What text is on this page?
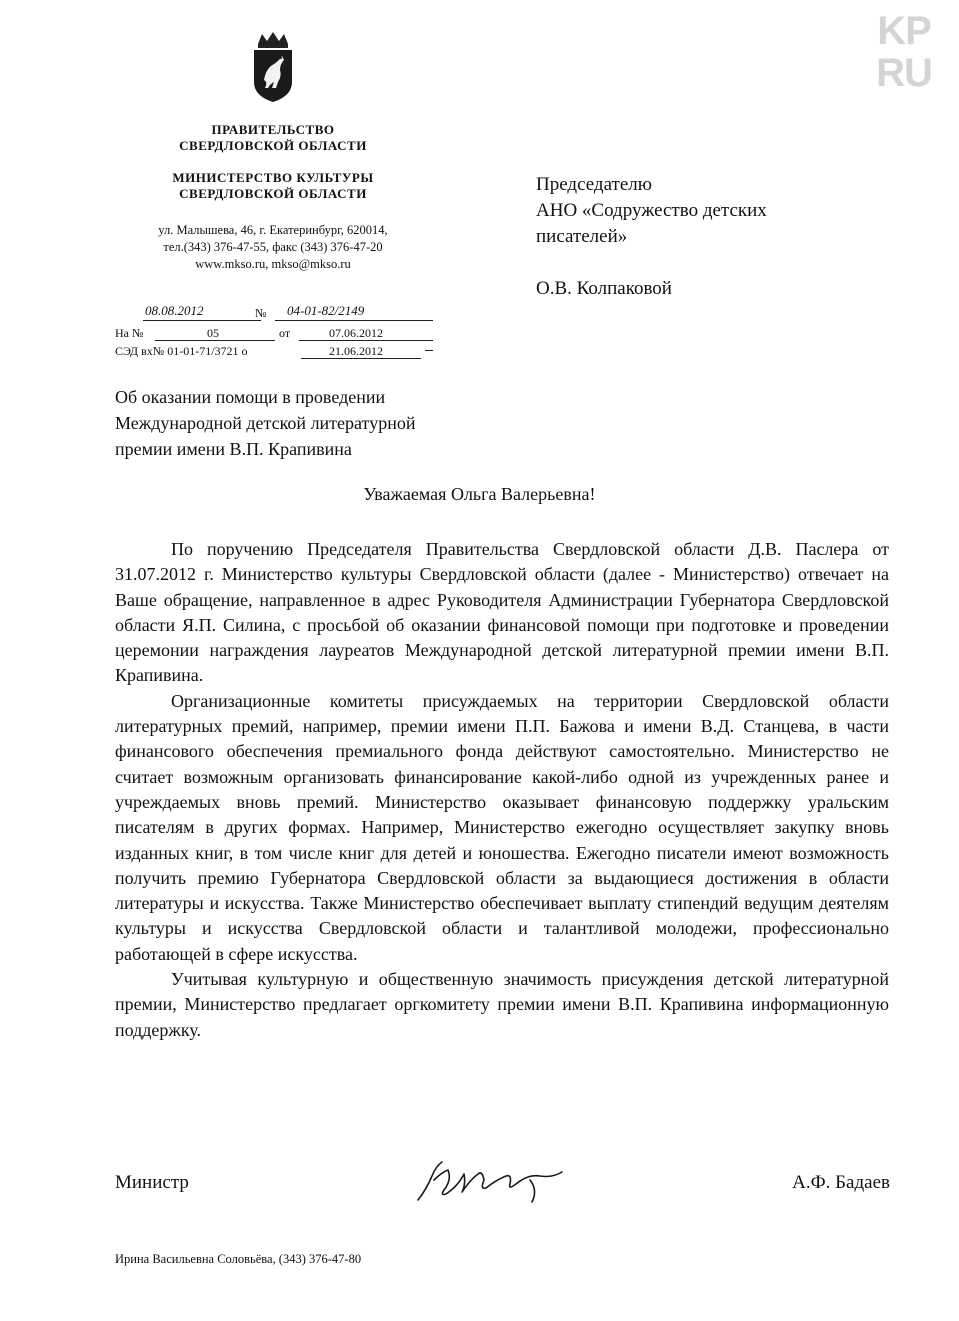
KP
RU
ПРАВИТЕЛЬСТВО
СВЕРДЛОВСКОЙ ОБЛАСТИ
МИНИСТЕРСТВО КУЛЬТУРЫ
СВЕРДЛОВСКОЙ ОБЛАСТИ
ул. Малышева, 46, г. Екатеринбург, 620014,
тел.(343) 376-47-55, факс (343) 376-47-20
www.mkso.ru, mkso@mkso.ru
08.08.2012	№ 04-01-82/2149
На №	05	от	07.06.2012
СЭД вх№ 01-01-71/3721 о	21.06.2012

Председателю

АНО «Содружество детских

писателей»

О.В. Колпаковой

Об оказании помощи в проведении

Международной детской литературной

премии имени В.П. Крапивина

Уважаемая Ольга Валерьевна!

По поручению Председателя Правительства Свердловской области Д.В. Паслера от 31.07.2012 г. Министерство культуры Свердловской области (далее - Министерство) отвечает на Ваше обращение, направленное в адрес Руководителя Администрации Губернатора Свердловской области Я.П. Силина, с просьбой об оказании финансовой помощи при подготовке и проведении церемонии награждения лауреатов Международной детской литературной премии имени В.П. Крапивина.

Организационные комитеты присуждаемых на территории Свердловской области литературных премий, например, премии имени П.П. Бажова и имени В.Д. Станцева, в части финансового обеспечения премиального фонда действуют самостоятельно. Министерство не считает возможным организовать финансирование какой-либо одной из учрежденных ранее и учреждаемых вновь премий. Министерство оказывает финансовую поддержку уральским писателям в других формах. Например, Министерство ежегодно осуществляет закупку вновь изданных книг, в том числе книг для детей и юношества. Ежегодно писатели имеют возможность получить премию Губернатора Свердловской области за выдающиеся достижения в области литературы и искусства. Также Министерство обеспечивает выплату стипендий ведущим деятелям культуры и искусства Свердловской области и талантливой молодежи, профессионально работающей в сфере искусства.

Учитывая культурную и общественную значимость присуждения детской литературной премии, Министерство предлагает оргкомитету премии имени В.П. Крапивина информационную поддержку.

Министр	А.Ф. Бадаев
Ирина Васильевна Соловьёва, (343) 376-47-80
